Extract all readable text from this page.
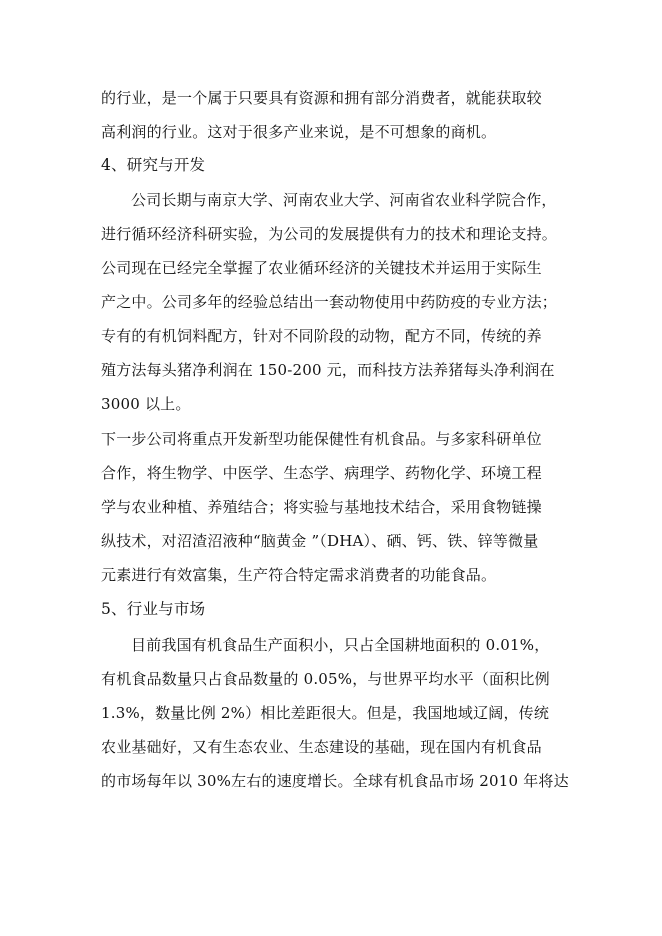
的行业，是一个属于只要具有资源和拥有部分消费者，就能获取较
高利润的行业。这对于很多产业来说，是不可想象的商机。
4、研究与开发
公司长期与南京大学、河南农业大学、河南省农业科学院合作，
进行循环经济科研实验，为公司的发展提供有力的技术和理论支持。
公司现在已经完全掌握了农业循环经济的关键技术并运用于实际生
产之中。公司多年的经验总结出一套动物使用中药防疫的专业方法；
专有的有机饲料配方，针对不同阶段的动物，配方不同，传统的养
殖方法每头猪净利润在 150-200 元，而科技方法养猪每头净利润在
3000 以上。
下一步公司将重点开发新型功能保健性有机食品。与多家科研单位
合作，将生物学、中医学、生态学、病理学、药物化学、环境工程
学与农业种植、养殖结合；将实验与基地技术结合，采用食物链操
纵技术，对沼渣沼液种“脑黄金 ”（DHA）、硒、钙、铁、锌等微量
元素进行有效富集，生产符合特定需求消费者的功能食品。
5、行业与市场
目前我国有机食品生产面积小，只占全国耕地面积的 0.01%，
有机食品数量只占食品数量的 0.05%，与世界平均水平（面积比例
1.3%，数量比例 2%）相比差距很大。但是，我国地域辽阔，传统
农业基础好，又有生态农业、生态建设的基础，现在国内有机食品
的市场每年以 30%左右的速度增长。全球有机食品市场 2010 年将达
